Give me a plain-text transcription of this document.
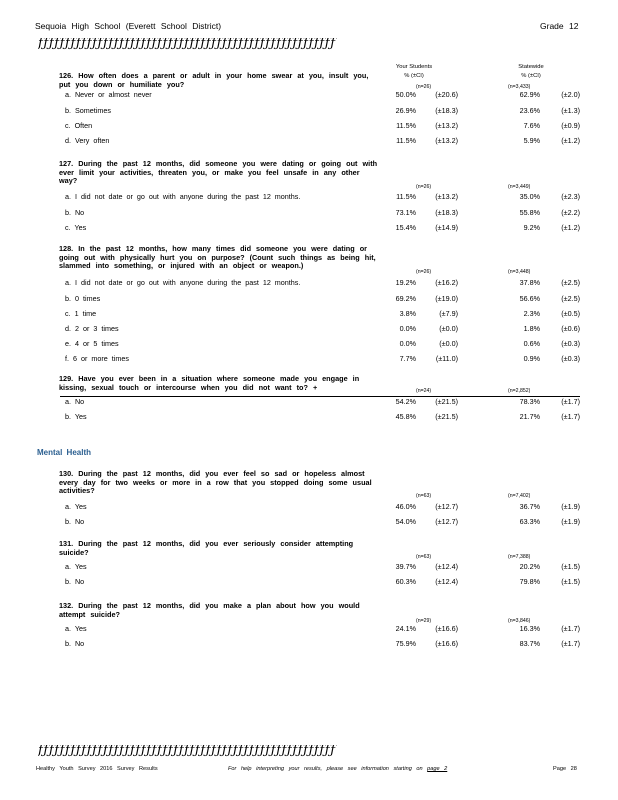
Sequoia High School (Everett School District)	Grade 12
ƒƒƒƒƒƒƒƒƒƒƒƒƒƒƒƒƒƒƒƒƒƒƒƒƒƒƒƒƒƒƒƒƒƒƒƒƒƒƒƒƒƒƒƒƒƒƒƒƒƒƒƒƒƒƒ
Your Students
% (±CI)
Statewide
% (±CI)
126. How often does a parent or adult in your home swear at you, insult you, put you down or humiliate you?	(n=26)	(n=3,433)
a. Never or almost never	50.0%	(±20.6)	62.9%	(±2.0)
b. Sometimes	26.9%	(±18.3)	23.6%	(±1.3)
c. Often	11.5%	(±13.2)	7.6%	(±0.9)
d. Very often	11.5%	(±13.2)	5.9%	(±1.2)
127. During the past 12 months, did someone you were dating or going out with ever limit your activities, threaten you, or make you feel unsafe in any other way?
(n=26)	(n=3,449)
a. I did not date or go out with anyone during the past 12 months.	11.5%	(±13.2)	35.0%	(±2.3)
b. No	73.1%	(±18.3)	55.8%	(±2.2)
c. Yes	15.4%	(±14.9)	9.2%	(±1.2)
128. In the past 12 months, how many times did someone you were dating or going out with physically hurt you on purpose? (Count such things as being hit, slammed into something, or injured with an object or weapon.)
(n=26)	(n=3,448)
a. I did not date or go out with anyone during the past 12 months.	19.2%	(±16.2)	37.8%	(±2.5)
b. 0 times	69.2%	(±19.0)	56.6%	(±2.5)
c. 1 time	3.8%	(±7.9)	2.3%	(±0.5)
d. 2 or 3 times	0.0%	(±0.0)	1.8%	(±0.6)
e. 4 or 5 times	0.0%	(±0.0)	0.6%	(±0.3)
f. 6 or more times	7.7%	(±11.0)	0.9%	(±0.3)
129. Have you ever been in a situation where someone made you engage in kissing, sexual touch or intercourse when you did not want to? +	(n=24)	(n=2,852)
a. No	54.2%	(±21.5)	78.3%	(±1.7)
b. Yes	45.8%	(±21.5)	21.7%	(±1.7)
130. During the past 12 months, did you ever feel so sad or hopeless almost every day for two weeks or more in a row that you stopped doing some usual activities?
(n=63)	(n=7,402)
a. Yes	46.0%	(±12.7)	36.7%	(±1.9)
b. No	54.0%	(±12.7)	63.3%	(±1.9)
131. During the past 12 months, did you ever seriously consider attempting suicide?
(n=63)	(n=7,388)
a. Yes	39.7%	(±12.4)	20.2%	(±1.5)
b. No	60.3%	(±12.4)	79.8%	(±1.5)
132. During the past 12 months, did you make a plan about how you would attempt suicide?
(n=29)	(n=3,846)
a. Yes	24.1%	(±16.6)	16.3%	(±1.7)
b. No	75.9%	(±16.6)	83.7%	(±1.7)
Mental Health
ƒƒƒƒƒƒƒƒƒƒƒƒƒƒƒƒƒƒƒƒƒƒƒƒƒƒƒƒƒƒƒƒƒƒƒƒƒƒƒƒƒƒƒƒƒƒƒƒƒƒƒƒƒƒƒ
Healthy Youth Survey 2016 Survey Results	For help interpreting your results, please see information starting on page 2	Page 28
